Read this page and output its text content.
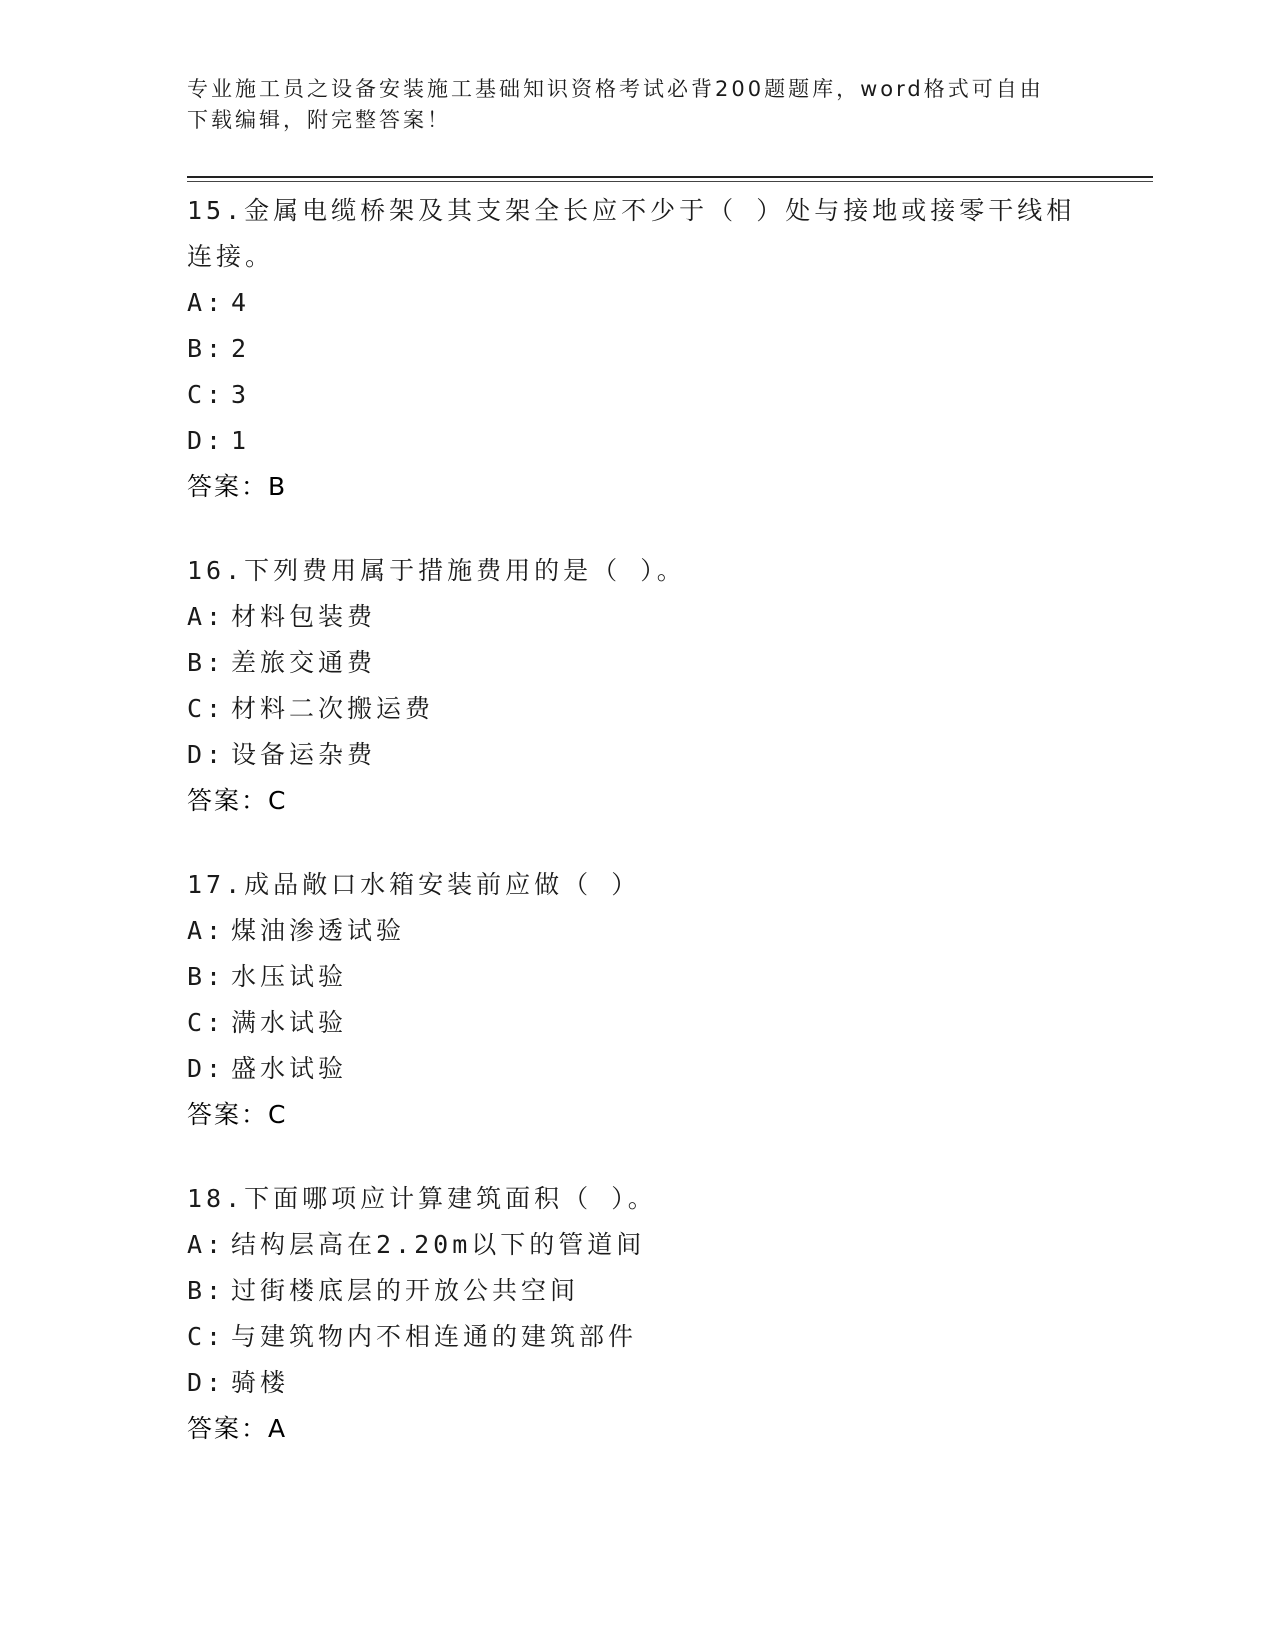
专业施工员之设备安装施工基础知识资格考试必背200题题库，word格式可自由
下载编辑，附完整答案！
15.金属电缆桥架及其支架全长应不少于（ ）处与接地或接零干线相
连接。
A: 4
B: 2
C: 3
D: 1
答案：B
16.下列费用属于措施费用的是（ ）。
A: 材料包装费
B: 差旅交通费
C: 材料二次搬运费
D: 设备运杂费
答案：C
17.成品敞口水箱安装前应做（ ）
A: 煤油渗透试验
B: 水压试验
C: 满水试验
D: 盛水试验
答案：C
18.下面哪项应计算建筑面积（ ）。
A: 结构层高在2.20m以下的管道间
B: 过街楼底层的开放公共空间
C: 与建筑物内不相连通的建筑部件
D: 骑楼
答案：A
